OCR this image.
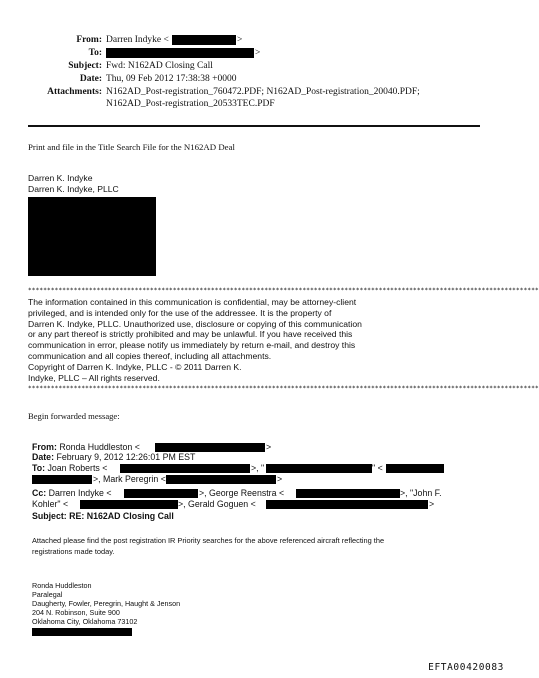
From: Darren Indyke <	>
To:	>
Subject: Fwd: N162AD Closing Call
Date: Thu, 09 Feb 2012 17:38:38 +0000
Attachments: N162AD_Post-registration_760472.PDF; N162AD_Post-registration_20040.PDF;
N162AD_Post-registration_20533TEC.PDF
Print and file in the Title Search File for the N162AD Deal
Darren K. Indyke
Darren K. Indyke, PLLC
**************************************************************************************************************************************
The information contained in this communication is confidential, may be attorney-client
privileged, and is intended only for the use of the addressee. It is the property of
Darren K. Indyke, PLLC. Unauthorized use, disclosure or copying of this communication
or any part thereof is strictly prohibited and may be unlawful. If you have received this
communication in error, please notify us immediately by return e-mail, and destroy this
communication and all copies thereof, including all attachments.
Copyright of Darren K. Indyke, PLLC - © 2011 Darren K.
Indyke, PLLC – All rights reserved.
**************************************************************************************************************************************
Begin forwarded message:
From: Ronda Huddleston <	>
Date: February 9, 2012 12:26:01 PM EST
To: Joan Roberts <	>, "	" <
>, Mark Peregrin <	>
Cc: Darren Indyke <	>, George Reenstra <	>, "John F.
Kohler" <	>, Gerald Goguen <	>
Subject: RE: N162AD Closing Call
Attached please find the post registration IR Priority searches for the above referenced aircraft reflecting the
registrations made today.
Ronda Huddleston
Paralegal
Daugherty, Fowler, Peregrin, Haught & Jenson
204 N. Robinson, Suite 900
Oklahoma City, Oklahoma 73102
EFTA00420083
